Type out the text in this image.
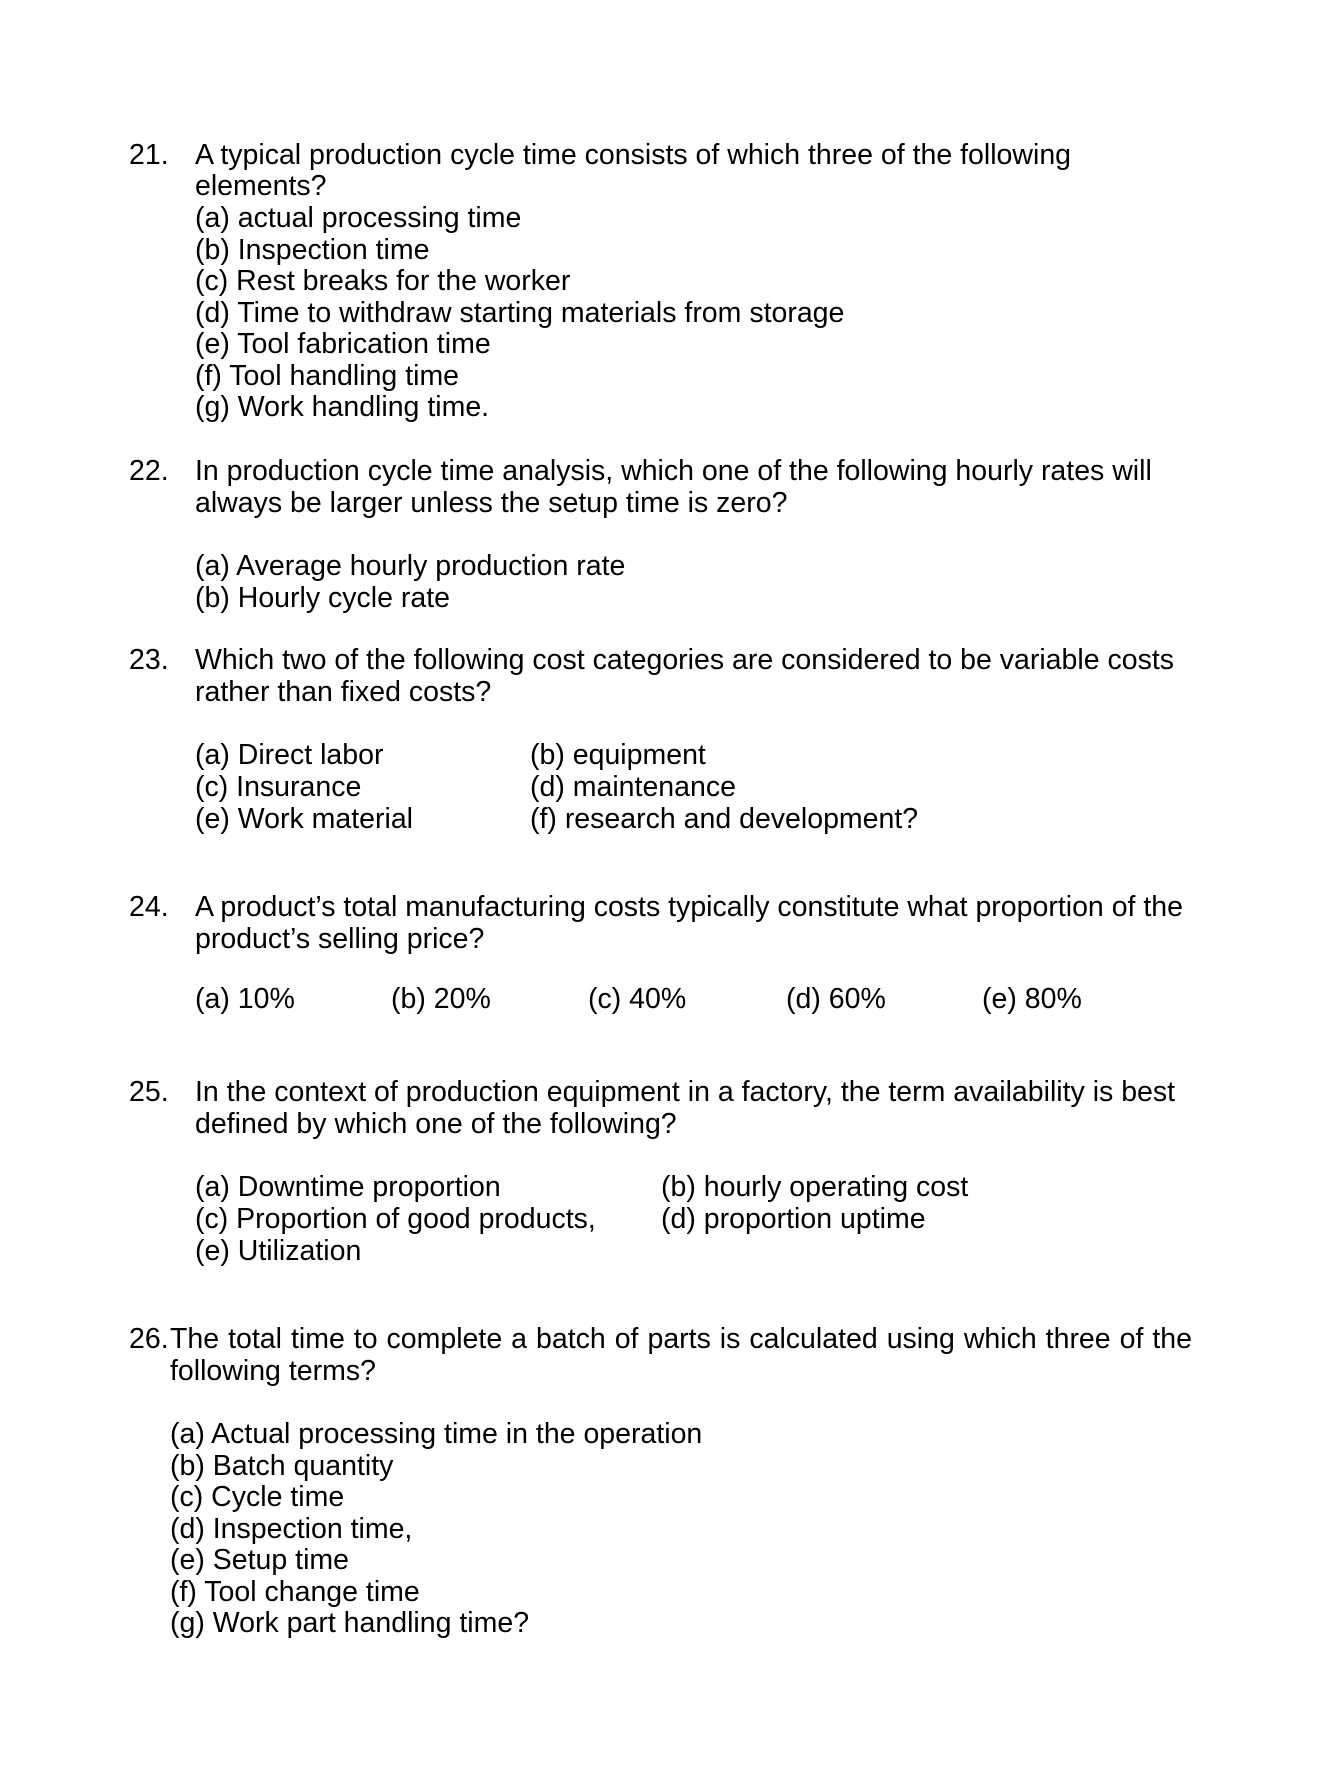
21. A typical production cycle time consists of which three of the following elements?
(a) actual processing time
(b) Inspection time
(c) Rest breaks for the worker
(d) Time to withdraw starting materials from storage
(e) Tool fabrication time
(f) Tool handling time
(g) Work handling time.
22. In production cycle time analysis, which one of the following hourly rates will
always be larger unless the setup time is zero?
(a) Average hourly production rate
(b) Hourly cycle rate
23. Which two of the following cost categories are considered to be variable costs
rather than fixed costs?
(a) Direct labor	(b) equipment
(c) Insurance	(d) maintenance
(e) Work material	(f) research and development?
24. A product’s total manufacturing costs typically constitute what proportion of the
product’s selling price?
(a) 10%	(b) 20%	(c) 40%	(d) 60%	(e) 80%
25. In the context of production equipment in a factory, the term availability is best
defined by which one of the following?
(a) Downtime proportion	(b) hourly operating cost
(c) Proportion of good products, (d) proportion uptime
(e) Utilization
26. The total time to complete a batch of parts is calculated using which three of the
following terms?
(a) Actual processing time in the operation
(b) Batch quantity
(c) Cycle time
(d) Inspection time,
(e) Setup time
(f) Tool change time
(g) Work part handling time?
